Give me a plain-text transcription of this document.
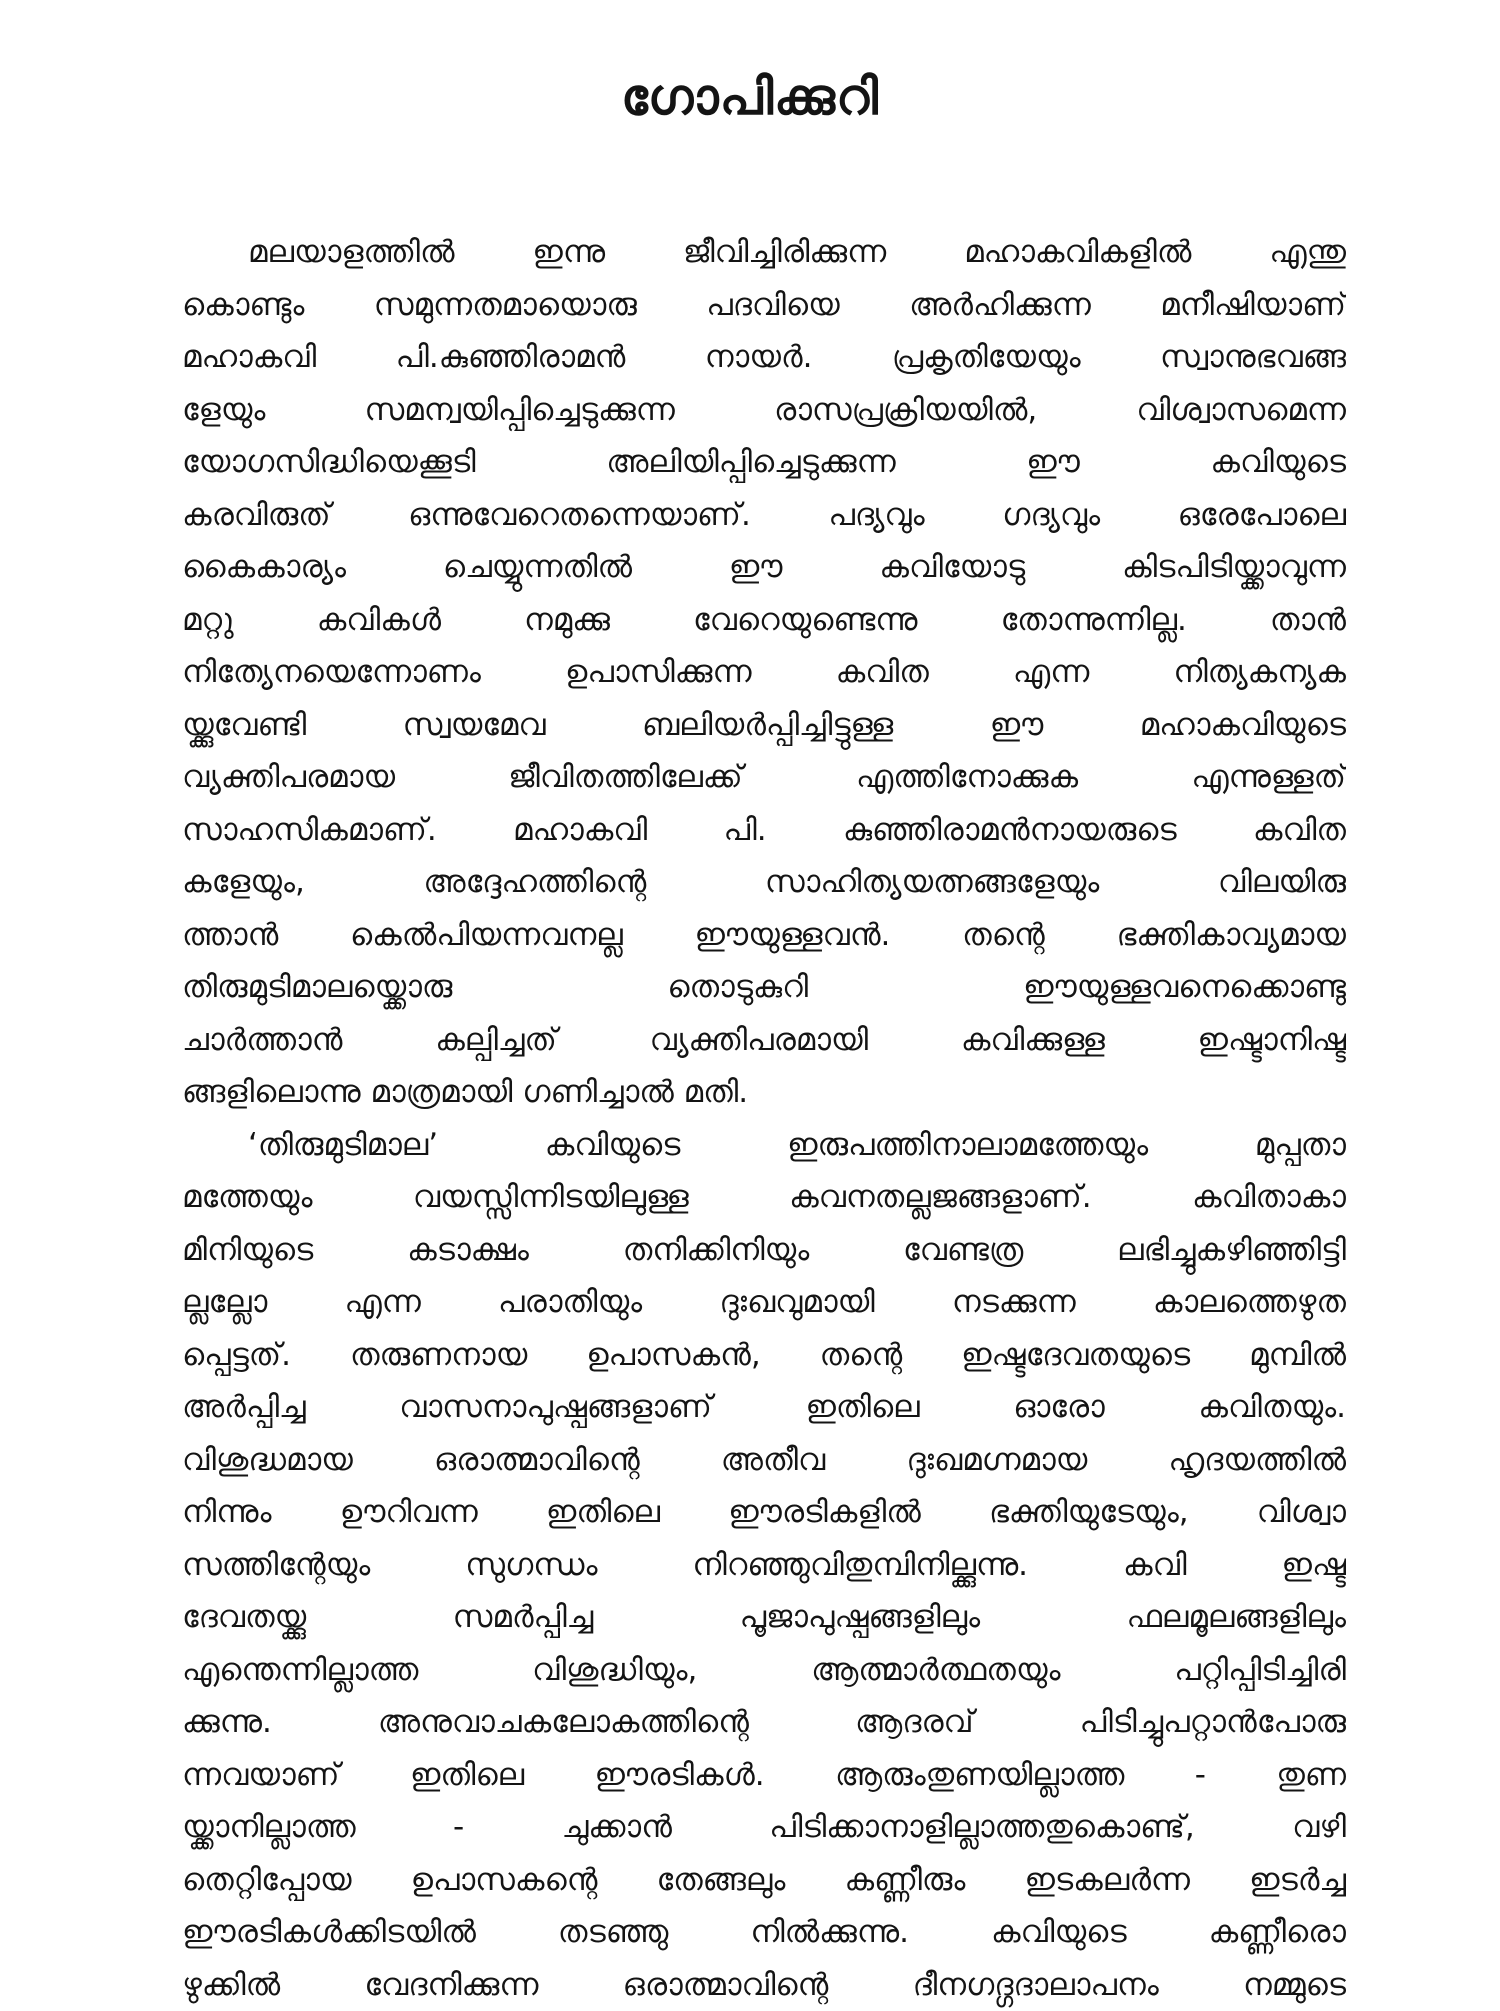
ഗോപിക്കുറി
മലയാളത്തിൽ ഇന്നു ജീവിച്ചിരിക്കുന്ന മഹാകവികളിൽ എന്തു
കൊണ്ടും സമുന്നതമായൊരു പദവിയെ അർഹിക്കുന്ന മനീഷിയാണ്
മഹാകവി പി.കുഞ്ഞിരാമൻ നായർ. പ്രകൃതിയേയും സ്വാനുഭവങ്ങ
ളേയും സമന്വയിപ്പിച്ചെടുക്കുന്ന രാസപ്രക്രിയയിൽ, വിശ്വാസമെന്ന
യോഗസിദ്ധിയെക്കൂടി അലിയിപ്പിച്ചെടുക്കുന്ന ഈ കവിയുടെ
കരവിരുത് ഒന്നുവേറെതന്നെയാണ്. പദ്യവും ഗദ്യവും ഒരേപോലെ
കൈകാര്യം ചെയ്യുന്നതിൽ ഈ കവിയോടു കിടപിടിയ്ക്കാവുന്ന
മറ്റു കവികൾ നമുക്കു വേറെയുണ്ടെന്നു തോന്നുന്നില്ല. താൻ
നിത്യേനയെന്നോണം ഉപാസിക്കുന്ന കവിത എന്ന നിത്യകന്യക
യ്ക്കുവേണ്ടി സ്വയമേവ ബലിയർപ്പിച്ചിട്ടുള്ള ഈ മഹാകവിയുടെ
വ്യക്തിപരമായ ജീവിതത്തിലേക്ക് എത്തിനോക്കുക എന്നുള്ളത്
സാഹസികമാണ്. മഹാകവി പി. കുഞ്ഞിരാമൻനായരുടെ കവിത
കളേയും, അദ്ദേഹത്തിന്റെ സാഹിത്യയത്നങ്ങളേയും വിലയിരു
ത്താൻ കെൽപിയന്നവനല്ല ഈയുള്ളവൻ. തന്റെ ഭക്തികാവ്യമായ
തിരുമുടിമാലയ്ക്കൊരു തൊടുകുറി ഈയുള്ളവനെക്കൊണ്ടു
ചാർത്താൻ കല്പിച്ചത് വ്യക്തിപരമായി കവിക്കുള്ള ഇഷ്ടാനിഷ്ട
ങ്ങളിലൊന്നു മാത്രമായി ഗണിച്ചാൽ മതി.
‘തിരുമുടിമാല’ കവിയുടെ ഇരുപത്തിനാലാമത്തേയും മുപ്പതാ
മത്തേയും വയസ്സിന്നിടയിലുള്ള കവനതല്ലജങ്ങളാണ്. കവിതാകാ
മിനിയുടെ കടാക്ഷം തനിക്കിനിയും വേണ്ടത്ര ലഭിച്ചുകഴിഞ്ഞിട്ടി
ല്ലല്ലോ എന്ന പരാതിയും ദുഃഖവുമായി നടക്കുന്ന കാലത്തെഴുത
പ്പെട്ടത്. തരുണനായ ഉപാസകൻ, തന്റെ ഇഷ്ടദേവതയുടെ മുമ്പിൽ
അർപ്പിച്ച വാസനാപുഷ്പങ്ങളാണ് ഇതിലെ ഓരോ കവിതയും.
വിശുദ്ധമായ ഒരാത്മാവിന്റെ അതീവ ദുഃഖമഗ്നമായ ഹൃദയത്തിൽ
നിന്നും ഊറിവന്ന ഇതിലെ ഈരടികളിൽ ഭക്തിയുടേയും, വിശ്വാ
സത്തിന്റേയും സുഗന്ധം നിറഞ്ഞുവിതുമ്പിനില്ക്കുന്നു. കവി ഇഷ്ട
ദേവതയ്ക്കു സമർപ്പിച്ച പൂജാപുഷ്പങ്ങളിലും ഫലമൂലങ്ങളിലും
എന്തെന്നില്ലാത്ത വിശുദ്ധിയും, ആത്മാർത്ഥതയും പറ്റിപ്പിടിച്ചിരി
ക്കുന്നു. അനുവാചകലോകത്തിന്റെ ആദരവ് പിടിച്ചുപറ്റാൻപോരു
ന്നവയാണ് ഇതിലെ ഈരടികൾ. ആരുംതുണയില്ലാത്ത - തുണ
യ്ക്കാനില്ലാത്ത - ചുക്കാൻ പിടിക്കാനാളില്ലാത്തതുകൊണ്ട്, വഴി
തെറ്റിപ്പോയ ഉപാസകന്റെ തേങ്ങലും കണ്ണീരും ഇടകലർന്ന ഇടർച്ച
ഈരടികൾക്കിടയിൽ തടഞ്ഞു നിൽക്കുന്നു. കവിയുടെ കണ്ണീരൊ
ഴുക്കിൽ വേദനിക്കുന്ന ഒരാത്മാവിന്റെ ദീനഗദ്ഗദാലാപനം നമ്മുടെ
